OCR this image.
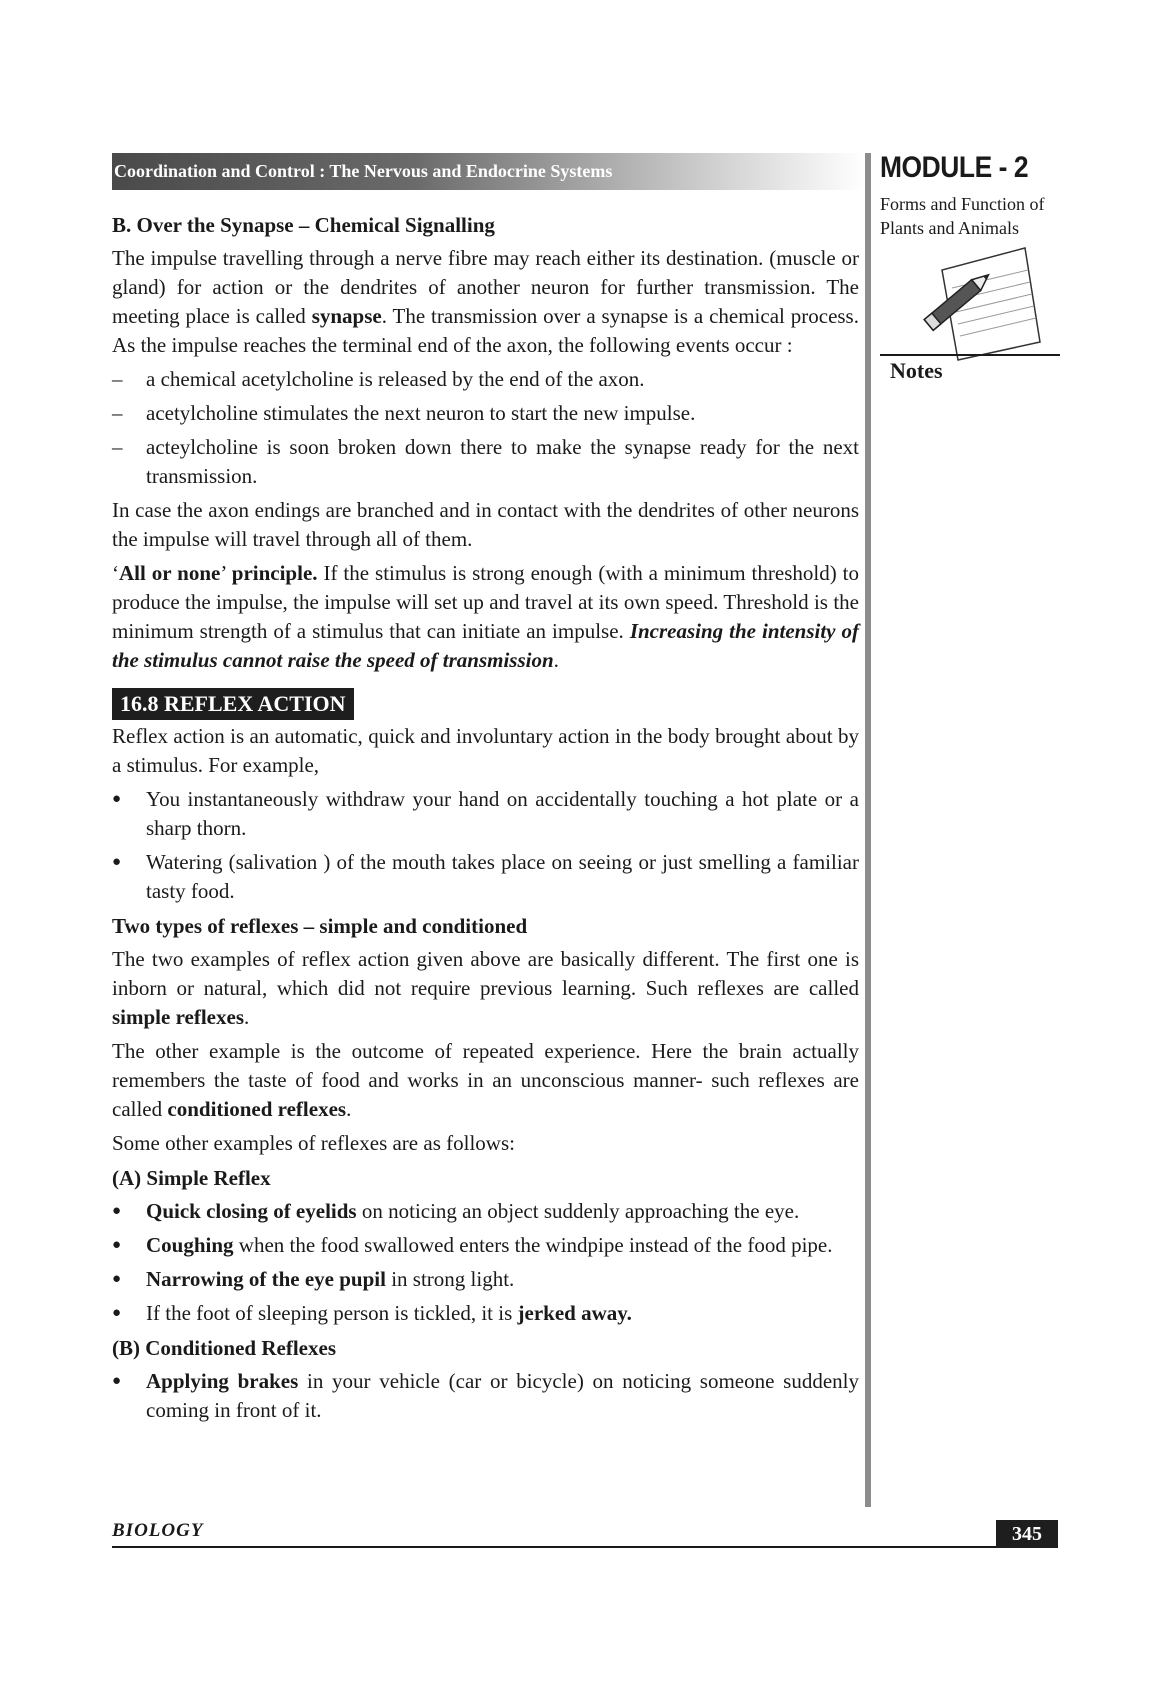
Coordination and Control : The Nervous and Endocrine Systems	MODULE - 2
Forms and Function of
Plants and Animals
Notes
B. Over the Synapse – Chemical Signalling

The impulse travelling through a nerve fibre may reach either its destination. (muscle or gland) for action or the dendrites of another neuron for further transmission. The meeting place is called synapse. The transmission over a synapse is a chemical process. As the impulse reaches the terminal end of the axon, the following events occur :

– a chemical acetylcholine is released by the end of the axon.
– acetylcholine stimulates the next neuron to start the new impulse.
– acteylcholine is soon broken down there to make the synapse ready for the next transmission.

In case the axon endings are branched and in contact with the dendrites of other neurons the impulse will travel through all of them.

‘All or none’ principle. If the stimulus is strong enough (with a minimum threshold) to produce the impulse, the impulse will set up and travel at its own speed. Threshold is the minimum strength of a stimulus that can initiate an impulse. Increasing the intensity of the stimulus cannot raise the speed of transmission.

16.8 REFLEX ACTION

Reflex action is an automatic, quick and involuntary action in the body brought about by a stimulus. For example,

● You instantaneously withdraw your hand on accidentally touching a hot plate or a sharp thorn.
● Watering (salivation ) of the mouth takes place on seeing or just smelling a familiar tasty food.
Two types of reflexes – simple and conditioned

The two examples of reflex action given above are basically different. The first one is inborn or natural, which did not require previous learning. Such reflexes are called simple reflexes.

The other example is the outcome of repeated experience. Here the brain actually remembers the taste of food and works in an unconscious manner- such reflexes are called conditioned reflexes.

Some other examples of reflexes are as follows:

(A) Simple Reflex
● Quick closing of eyelids on noticing an object suddenly approaching the eye.
● Coughing when the food swallowed enters the windpipe instead of the food pipe.
● Narrowing of the eye pupil in strong light.
● If the foot of sleeping person is tickled, it is jerked away.
(B) Conditioned Reflexes
● Applying brakes in your vehicle (car or bicycle) on noticing someone suddenly coming in front of it.
BIOLOGY	345
